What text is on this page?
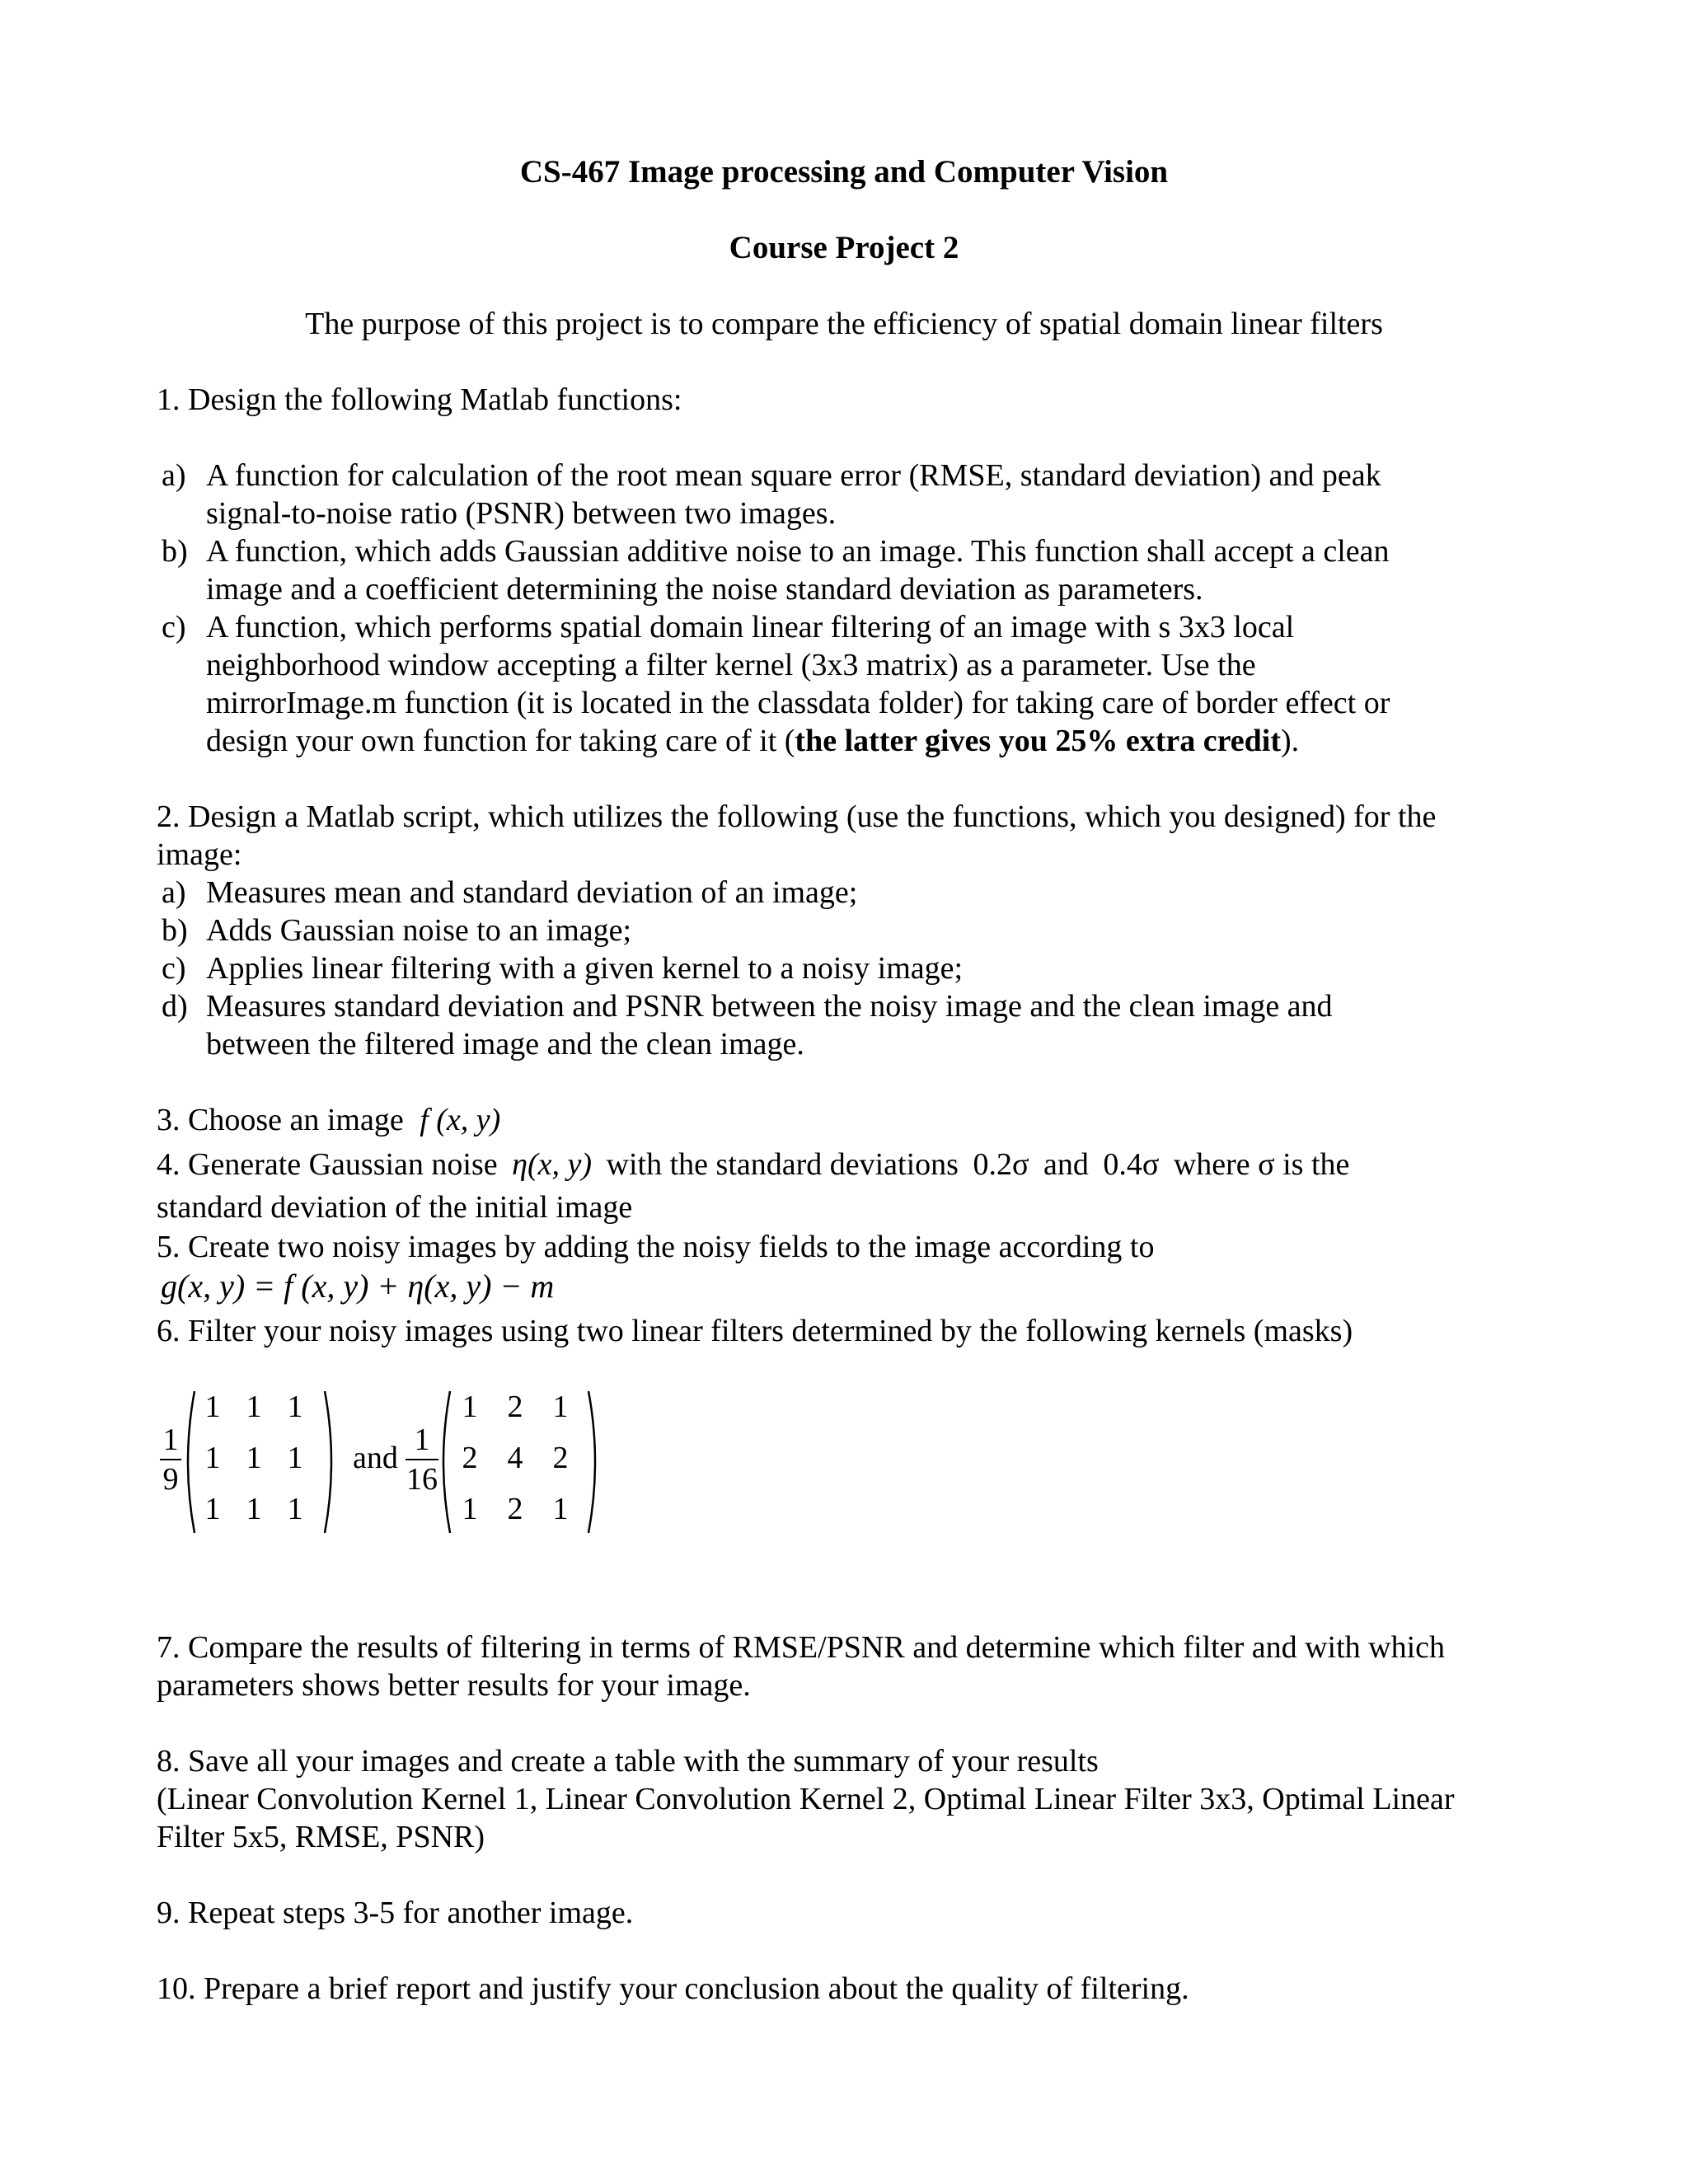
CS-467 Image processing and Computer Vision
Course Project 2
The purpose of this project is to compare the efficiency of spatial domain linear filters
1. Design the following Matlab functions:
a) A function for calculation of the root mean square error (RMSE, standard deviation) and peak
signal-to-noise ratio (PSNR) between two images.
b) A function, which adds Gaussian additive noise to an image. This function shall accept a clean
image and a coefficient determining the noise standard deviation as parameters.
c) A function, which performs spatial domain linear filtering of an image with s 3x3 local
neighborhood window accepting a filter kernel (3x3 matrix) as a parameter. Use the
mirrorImage.m function (it is located in the classdata folder) for taking care of border effect or
design your own function for taking care of it (the latter gives you 25% extra credit).
2. Design a Matlab script, which utilizes the following (use the functions, which you designed) for the
image:
a) Measures mean and standard deviation of an image;
b) Adds Gaussian noise to an image;
c) Applies linear filtering with a given kernel to a noisy image;
d) Measures standard deviation and PSNR between the noisy image and the clean image and
between the filtered image and the clean image.
3. Choose an image f (x, y)
4. Generate Gaussian noise η(x, y) with the standard deviations 0.2σ and 0.4σ where σ is the
standard deviation of the initial image
5. Create two noisy images by adding the noisy fields to the image according to
g(x, y) = f (x, y) + η(x, y) − m
6. Filter your noisy images using two linear filters determined by the following kernels (masks)
1
9
1 1 1
1 1 1
1 1 1
and
1
16
1 2 1
2 4 2
1 2 1
7. Compare the results of filtering in terms of RMSE/PSNR and determine which filter and with which
parameters shows better results for your image.
8. Save all your images and create a table with the summary of your results
(Linear Convolution Kernel 1, Linear Convolution Kernel 2, Optimal Linear Filter 3x3, Optimal Linear
Filter 5x5, RMSE, PSNR)
9. Repeat steps 3-5 for another image.
10. Prepare a brief report and justify your conclusion about the quality of filtering.
